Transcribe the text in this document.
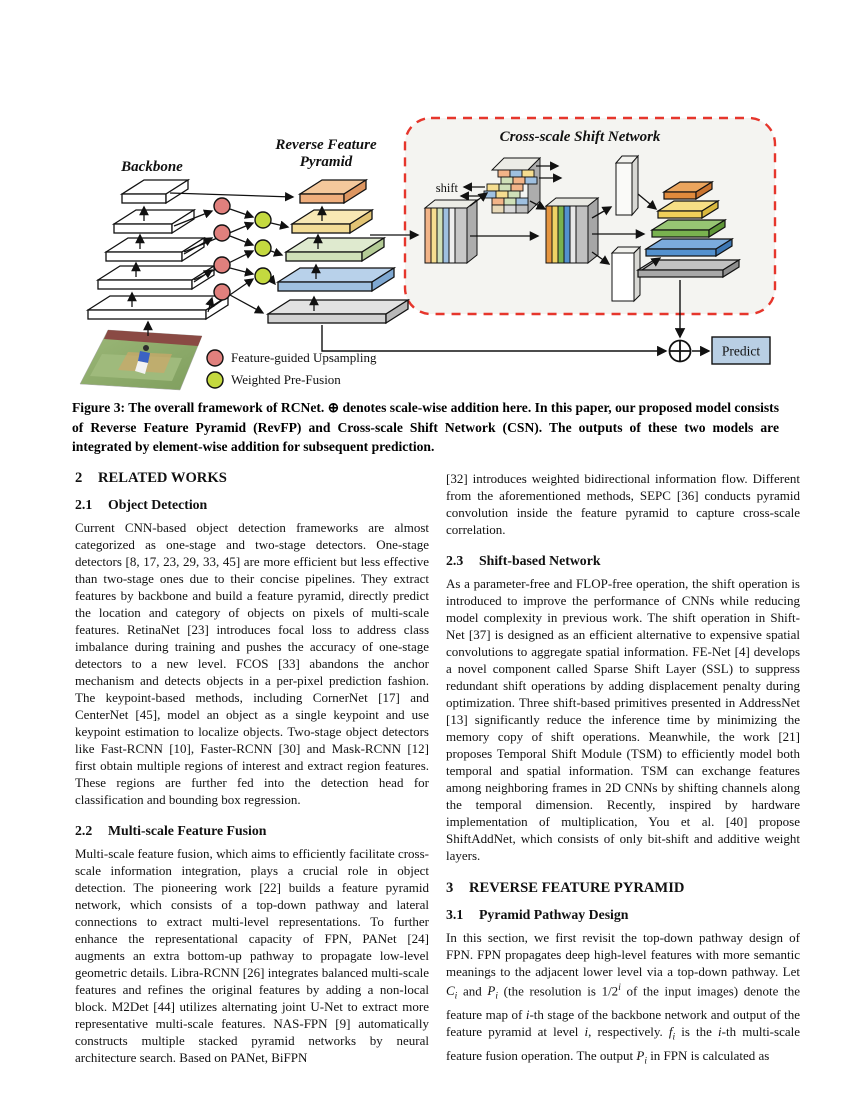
Backbone
Reverse Feature
Pyramid
Cross-scale Shift Network
Feature-guided Upsampling
Weighted Pre-Fusion
shift
Predict
Figure 3: The overall framework of RCNet. ⊕ denotes scale-wise addition here. In this paper, our proposed model consists of Reverse Feature Pyramid (RevFP) and Cross-scale Shift Network (CSN). The outputs of these two models are integrated by element-wise addition for subsequent prediction.
2 RELATED WORKS
2.1 Object Detection

Current CNN-based object detection frameworks are almost categorized as one-stage and two-stage detectors. One-stage detectors [8, 17, 23, 29, 33, 45] are more efficient but less effective than two-stage ones due to their concise pipelines. They extract features by backbone and build a feature pyramid, directly predict the location and category of objects on pixels of multi-scale features. RetinaNet [23] introduces focal loss to address class imbalance during training and pushes the accuracy of one-stage detectors to a new level. FCOS [33] abandons the anchor mechanism and detects objects in a per-pixel prediction fashion. The keypoint-based methods, including CornerNet [17] and CenterNet [45], model an object as a single keypoint and use keypoint estimation to localize objects. Two-stage object detectors like Fast-RCNN [10], Faster-RCNN [30] and Mask-RCNN [12] first obtain multiple regions of interest and extract region features. These regions are further fed into the detection head for classification and bounding box regression.

2.2 Multi-scale Feature Fusion

Multi-scale feature fusion, which aims to efficiently facilitate cross-scale information integration, plays a crucial role in object detection. The pioneering work [22] builds a feature pyramid network, which consists of a top-down pathway and lateral connections to extract multi-level representations. To further enhance the representational capacity of FPN, PANet [24] augments an extra bottom-up pathway to propagate low-level geometric details. Libra-RCNN [26] integrates balanced multi-scale features and refines the original features by adding a non-local block. M2Det [44] utilizes alternating joint U-Net to extract more representative multi-scale features. NAS-FPN [9] automatically constructs multiple stacked pyramid networks by neural architecture search. Based on PANet, BiFPN

[32] introduces weighted bidirectional information flow. Different from the aforementioned methods, SEPC [36] conducts pyramid convolution inside the feature pyramid to capture cross-scale correlation.

2.3 Shift-based Network

As a parameter-free and FLOP-free operation, the shift operation is introduced to improve the performance of CNNs while reducing model complexity in previous work. The shift operation in Shift-Net [37] is designed as an efficient alternative to expensive spatial convolutions to aggregate spatial information. FE-Net [4] develops a novel component called Sparse Shift Layer (SSL) to suppress redundant shift operations by adding displacement penalty during optimization. Three shift-based primitives presented in AddressNet [13] significantly reduce the inference time by minimizing the memory copy of shift operations. Meanwhile, the work [21] proposes Temporal Shift Module (TSM) to efficiently model both temporal and spatial information. TSM can exchange features among neighboring frames in 2D CNNs by shifting channels along the temporal dimension. Recently, inspired by hardware implementation of multiplication, You et al. [40] propose ShiftAddNet, which consists of only bit-shift and additive weight layers.

3 REVERSE FEATURE PYRAMID
3.1 Pyramid Pathway Design

In this section, we first revisit the top-down pathway design of FPN. FPN propagates deep high-level features with more semantic meanings to the adjacent lower level via a top-down pathway. Let $C_i$ and $P_i$ (the resolution is 1/2$^i$ of the input images) denote the feature map of i-th stage of the backbone network and output of the feature pyramid at level i, respectively. $f_i$ is the i-th multi-scale feature fusion operation. The output $P_i$ in FPN is calculated as
